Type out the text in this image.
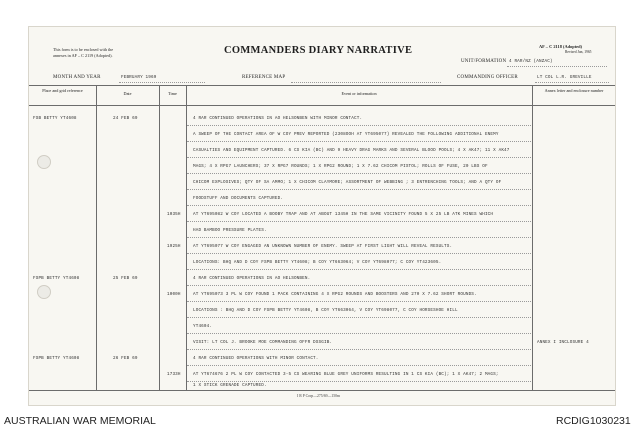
This form is to be enclosed with the
annexes in AF – C 2119 (Adopted).	COMMANDERS DIARY NARRATIVE	AF – C 2118 (Adopted)
Revised Jun, 1965
UNIT/FORMATION 4 RAR/NZ (ANZAC)
MONTH AND YEAR	FEBRUARY 1969	REFERENCE MAP	COMMANDING OFFICER	LT COL L.R. GREVILLE
Place and grid reference
Date	Time	Event or information
Annex letter and enclosure number
FSB BETTY YT4608	24 FEB 69	4 RAR CONTINUED OPERATIONS IN AO HELSONBEN WITH MINOR CONTACT.
A SWEEP OF THE CONTACT AREA OF W COY PREV REPORTED (2308OOH AT YT695077) REVEALED THE FOLLOWING ADDITIONAL ENEMY
CASUALTIES AND EQUIPMENT CAPTURED. 6 CS KIA (BC) AND 9 HEAVY DRAG MARKS AND SEVERAL BLOOD POOLS; 4 X AK47; 11 X AK47
MAGS; 4 X RPG7 LAUNCHERS; 37 X RPG7 ROUNDS; 1 X RPG2 ROUND; 1 X 7.62 CHICOM PISTOL; ROLLS OF FUSE, 20 LBS OF
CHICOM EXPLOSIVES; QTY OF SA AMMO; 1 X CHICOM CLAYMORE; ASSORTMENT OF WEBBING ; 3 ENTRENCHING TOOLS; AND A QTY OF
FOODSTUFF AND DOCUMENTS CAPTURED.
1035H	AT YT695082 W COY LOCATED A BOOBY TRAP AND AT ABOUT 1345H IN THE SAME VICINITY FOUND 5 X 25 LB ATK MINES WHICH
HAD BAMBOO PRESSURE PLATES.
1925H	AT YT695077 W COY ENGAGED AN UNKNOWN NUMBER OF ENEMY. SWEEP AT FIRST LIGHT WILL REVEAL RESULTS.
LOCATIONS: BHQ AND D COY FSPB BETTY YT4608; B COY YT663064; V COY YT698077; C COY YT423605.
FSPB BETTY YT4608	25 FEB 69	4 RAR CONTINUED OPERATIONS IN AO HELSONBEN.
1000H	AT YT695073 3 PL W COY FOUND 1 PACK CONTAINING 4 X RPG2 ROUNDS AND BOOSTERS AND 270 X 7.62 SHORT ROUNDS.
LOCATIONS : BHQ AND D COY FSPB BETTY YT4608, B COY YT663064, V COY YT698077, C COY HORSESHOE HILL
YT4604.
VISIT: LT COL J. BROOKE MOE COMMANDING OFFR DSSGIB.	ANNEX I INCLOSURE 4
FSPB BETTY YT4608	26 FEB 69	4 RAR CONTINUED OPERATIONS WITH MINOR CONTACT.
1733H	AT YT674676 2 PL W COY CONTACTED 3-5 CS WEARING BLUE GREY UNIFORMS RESULTING IN 1 CS KIA (BC); 1 X AK47; 2 MAGS;
1 X STICK GRENADE CAPTURED.
I R P Corp—275/69—150m
AUSTRALIAN WAR MEMORIAL	RCDIG1030231
